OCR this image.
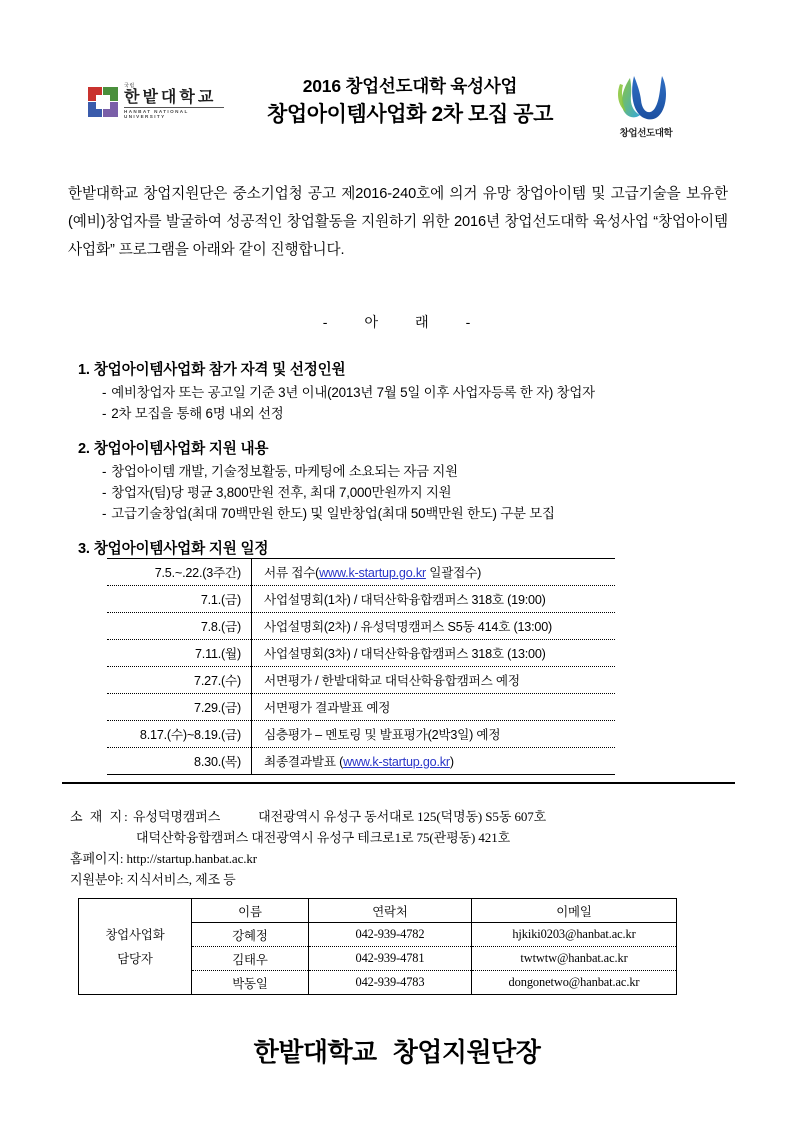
국립
한밭대학교
HANBAT NATIONAL UNIVERSITY
2016 창업선도대학 육성사업
창업아이템사업화 2차 모집 공고
창업선도대학
한밭대학교 창업지원단은 중소기업청 공고 제2016-240호에 의거 유망 창업아이템 및 고급기술을 보유한 (예비)창업자를 발굴하여 성공적인 창업활동을 지원하기 위한 2016년 창업선도대학 육성사업 “창업아이템 사업화” 프로그램을 아래와 같이 진행합니다.
-	아	래	-
1. 창업아이템사업화 참가 자격 및 선정인원
- 예비창업자 또는 공고일 기준 3년 이내(2013년 7월 5일 이후 사업자등록 한 자) 창업자
- 2차 모집을 통해 6명 내외 선정
2. 창업아이템사업화 지원 내용
- 창업아이템 개발, 기술정보활동, 마케팅에 소요되는 자금 지원
- 창업자(팀)당 평균 3,800만원 전후, 최대 7,000만원까지 지원
- 고급기술창업(최대 70백만원 한도) 및 일반창업(최대 50백만원 한도) 구분 모집
3. 창업아이템사업화 지원 일정
7.5.~.22.(3주간)	서류 접수(www.k-startup.go.kr 일괄접수)
7.1.(금)	사업설명회(1차) / 대덕산학융합캠퍼스 318호 (19:00)
7.8.(금)	사업설명회(2차) / 유성덕명캠퍼스 S5동 414호 (13:00)
7.11.(월)	사업설명회(3차) / 대덕산학융합캠퍼스 318호 (13:00)
7.27.(수)	서면평가 / 한밭대학교 대덕산학융합캠퍼스 예정
7.29.(금)	서면평가 결과발표 예정
8.17.(수)~8.19.(금)	심층평가 – 멘토링 및 발표평가(2박3일) 예정
8.30.(목)	최종결과발표 (www.k-startup.go.kr)
소 재 지: 유성덕명캠퍼스	대전광역시 유성구 동서대로 125(덕명동) S5동 607호
대덕산학융합캠퍼스 대전광역시 유성구 테크로1로 75(관평동) 421호
홈페이지: http://startup.hanbat.ac.kr
지원분야: 지식서비스, 제조 등
창업사업화
담당자	이름	연락처	이메일
	강혜정	042-939-4782	hjkiki0203@hanbat.ac.kr
	김태우	042-939-4781	twtwtw@hanbat.ac.kr
	박동일	042-939-4783	dongonetwo@hanbat.ac.kr
한밭대학교 창업지원단장
